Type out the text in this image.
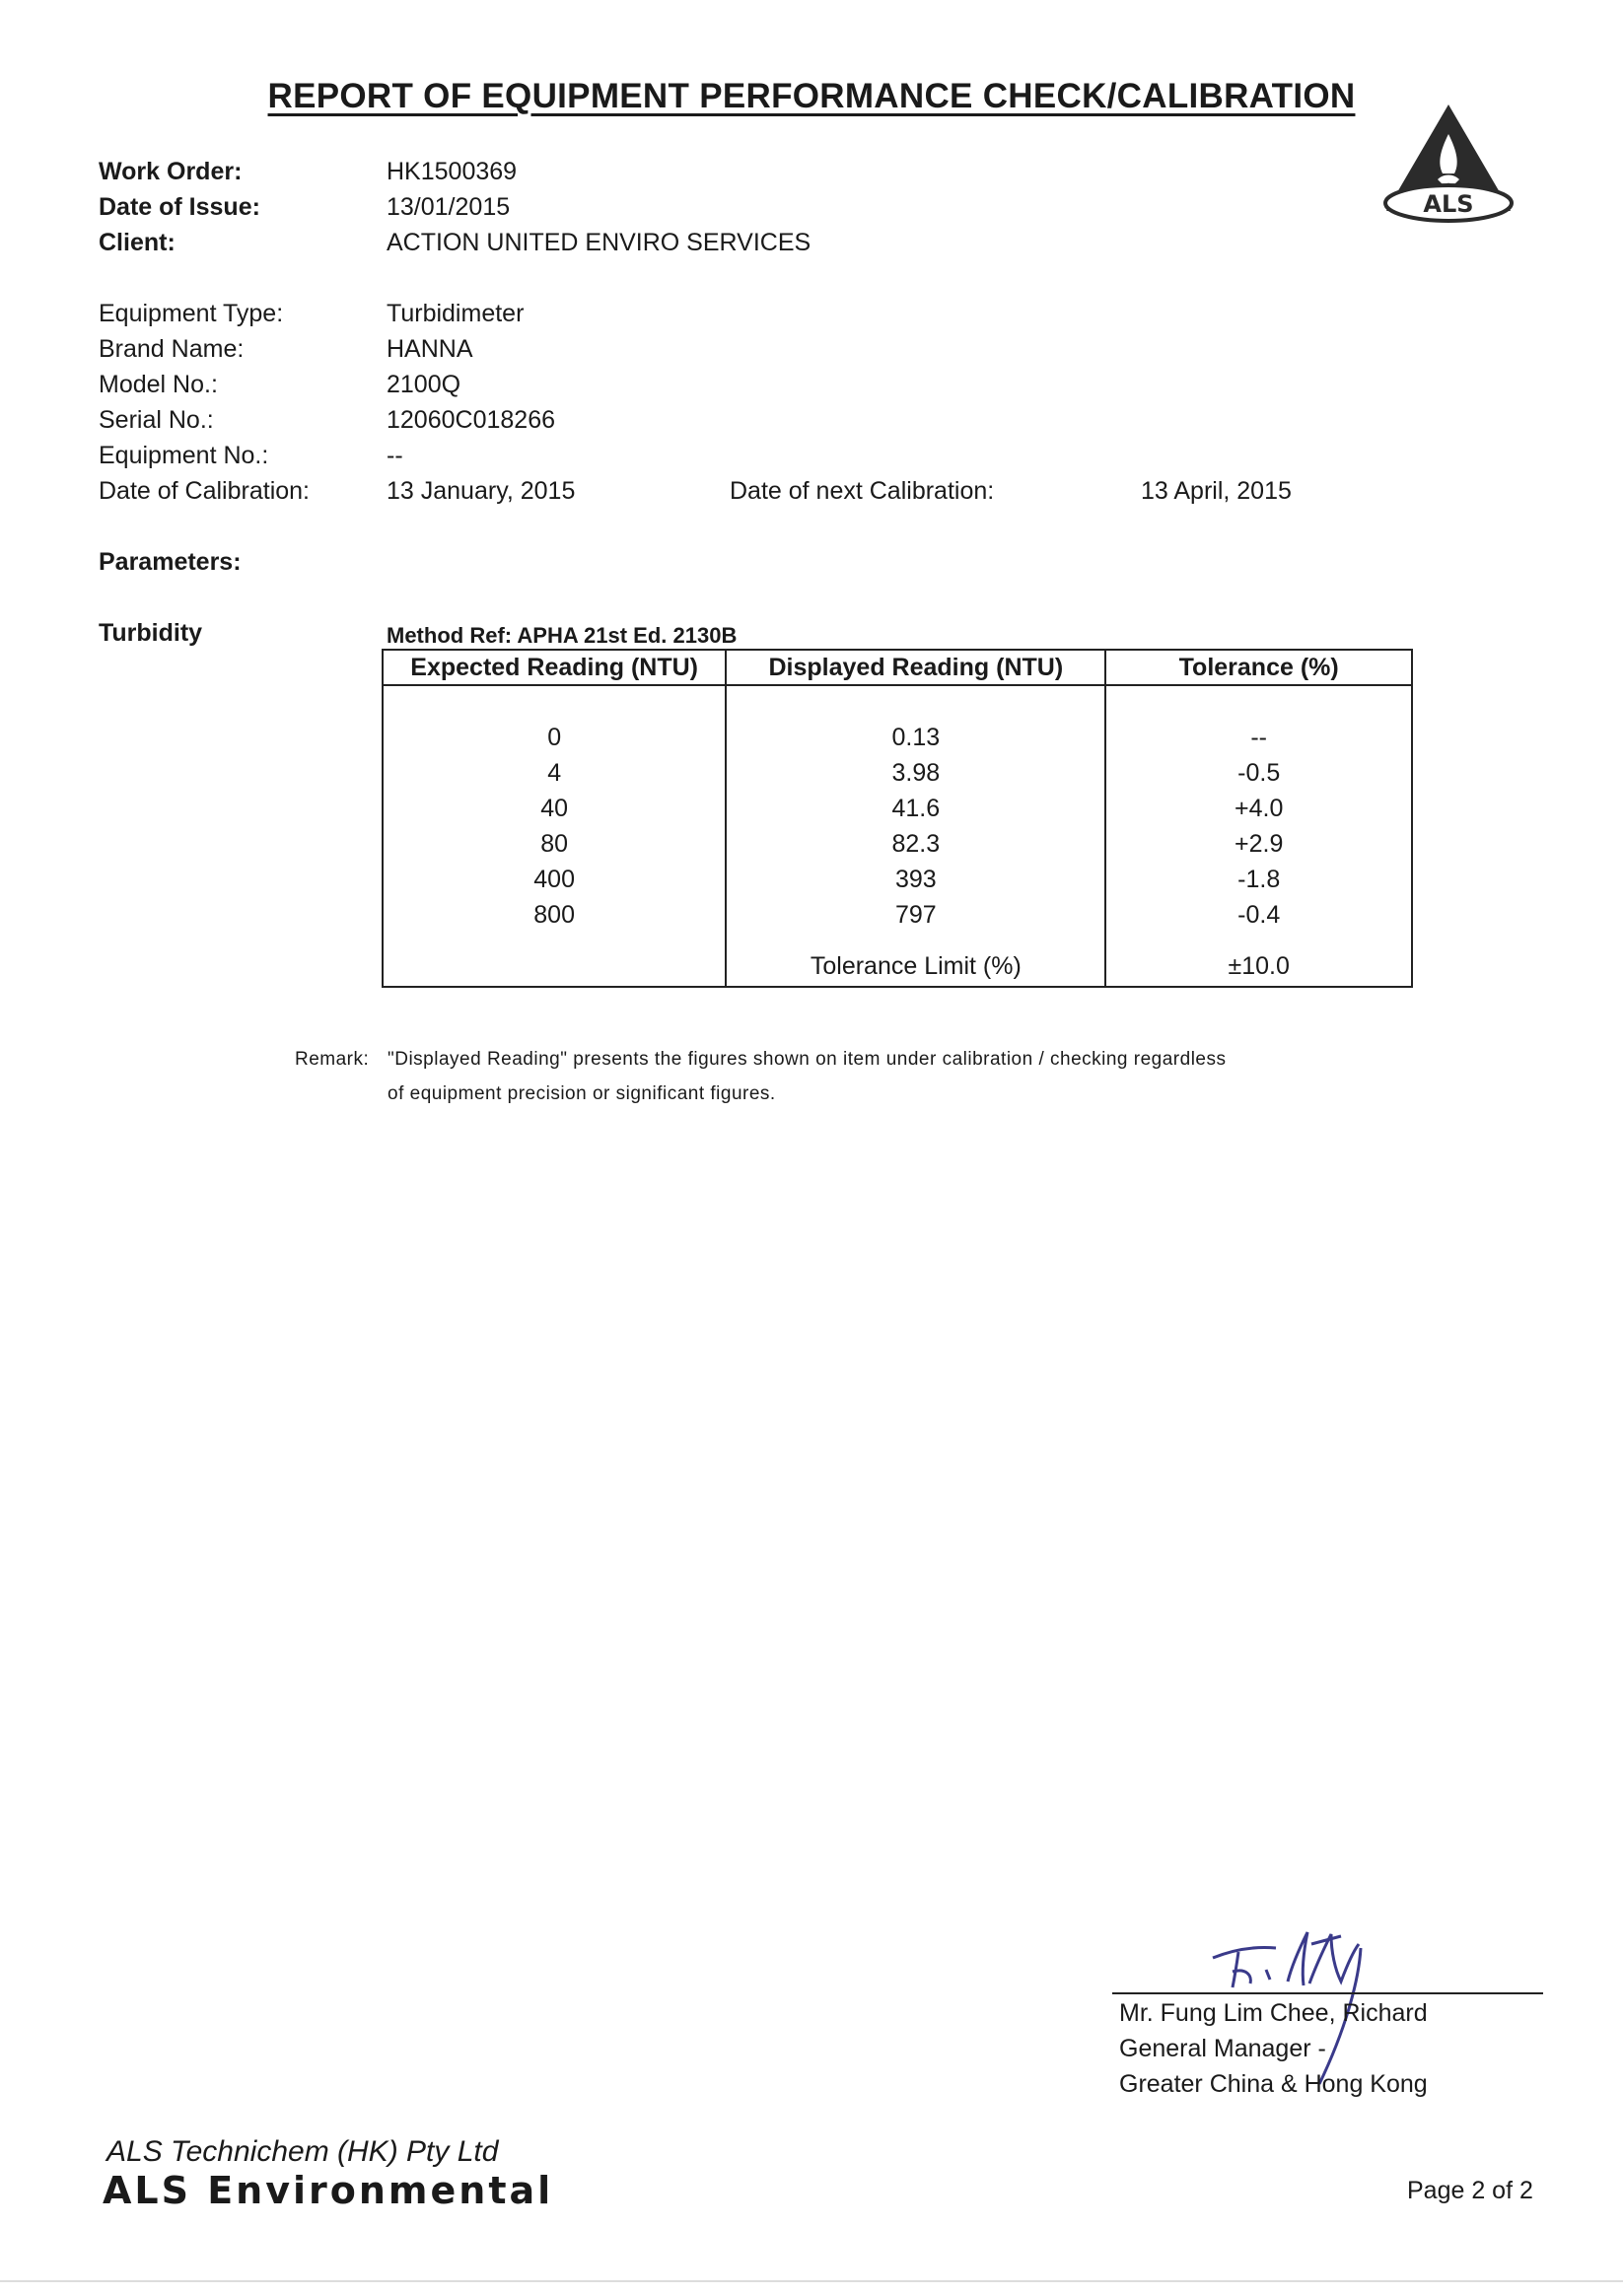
REPORT OF EQUIPMENT PERFORMANCE CHECK/CALIBRATION
ALS
Work Order:	HK1500369
Date of Issue:	13/01/2015
Client:	ACTION UNITED ENVIRO SERVICES
Equipment Type:	Turbidimeter
Brand Name:	HANNA
Model No.:	2100Q
Serial No.:	12060C018266
Equipment No.:	--
Date of Calibration:	13 January, 2015	Date of next Calibration:	13 April, 2015
Parameters:
Turbidity	Method Ref: APHA 21st Ed. 2130B
Expected Reading (NTU)	Displayed Reading (NTU)	Tolerance (%)

0	0.13	--
4	3.98	-0.5
40	41.6	+4.0
80	82.3	+2.9
400	393	-1.8
800	797	-0.4

	Tolerance Limit (%)	±10.0
Remark: "Displayed Reading" presents the figures shown on item under calibration / checking regardless
of equipment precision or significant figures.
Mr. Fung Lim Chee, Richard
General Manager -
Greater China & Hong Kong
ALS Technichem (HK) Pty Ltd
ALS Environmental	Page 2 of 2
